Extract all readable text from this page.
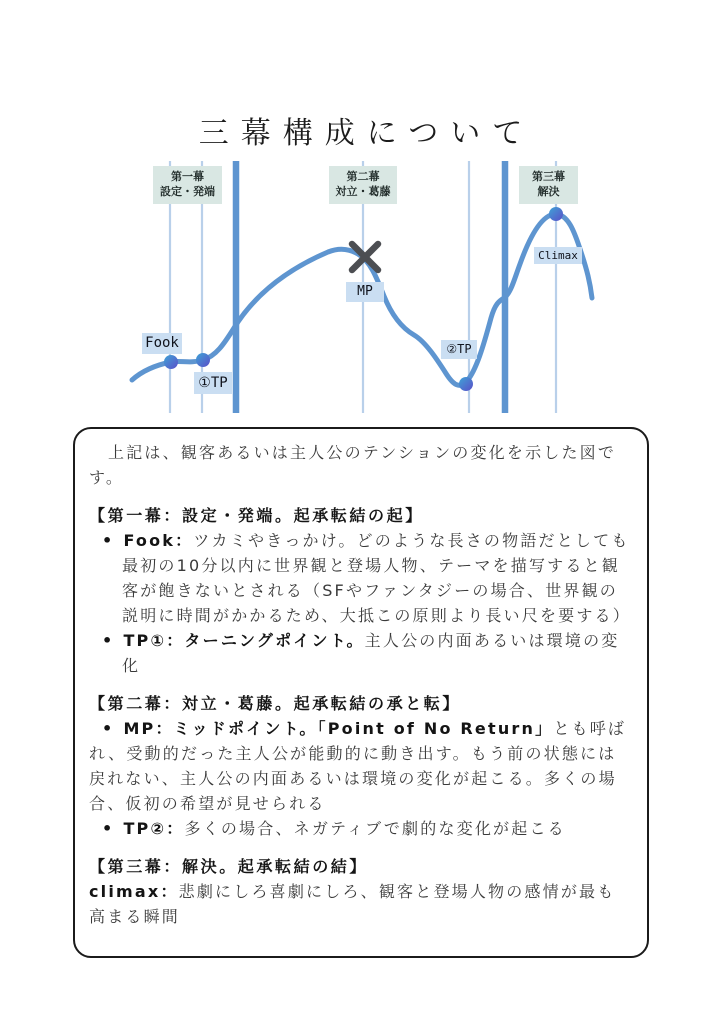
三幕構成について
第一幕
設定・発端
第二幕
対立・葛藤
第三幕
解決
Fook
①TP
MP
②TP
Climax

上記は、観客あるいは主人公のテンションの変化を示した図です。

【第一幕：設定・発端。起承転結の起】
• Fook：ツカミやきっかけ。どのような長さの物語だとしても最初の10分以内に世界観と登場人物、テーマを描写すると観客が飽きないとされる（SFやファンタジーの場合、世界観の説明に時間がかかるため、大抵この原則より長い尺を要する）
• TP①：ターニングポイント。主人公の内面あるいは環境の変化
【第二幕：対立・葛藤。起承転結の承と転】
• MP：ミッドポイント。「Point of No Return」とも呼ばれ、受動的だった主人公が能動的に動き出す。もう前の状態には戻れない、主人公の内面あるいは環境の変化が起こる。多くの場合、仮初の希望が見せられる
• TP②：多くの場合、ネガティブで劇的な変化が起こる
【第三幕：解決。起承転結の結】
climax：悲劇にしろ喜劇にしろ、観客と登場人物の感情が最も高まる瞬間
